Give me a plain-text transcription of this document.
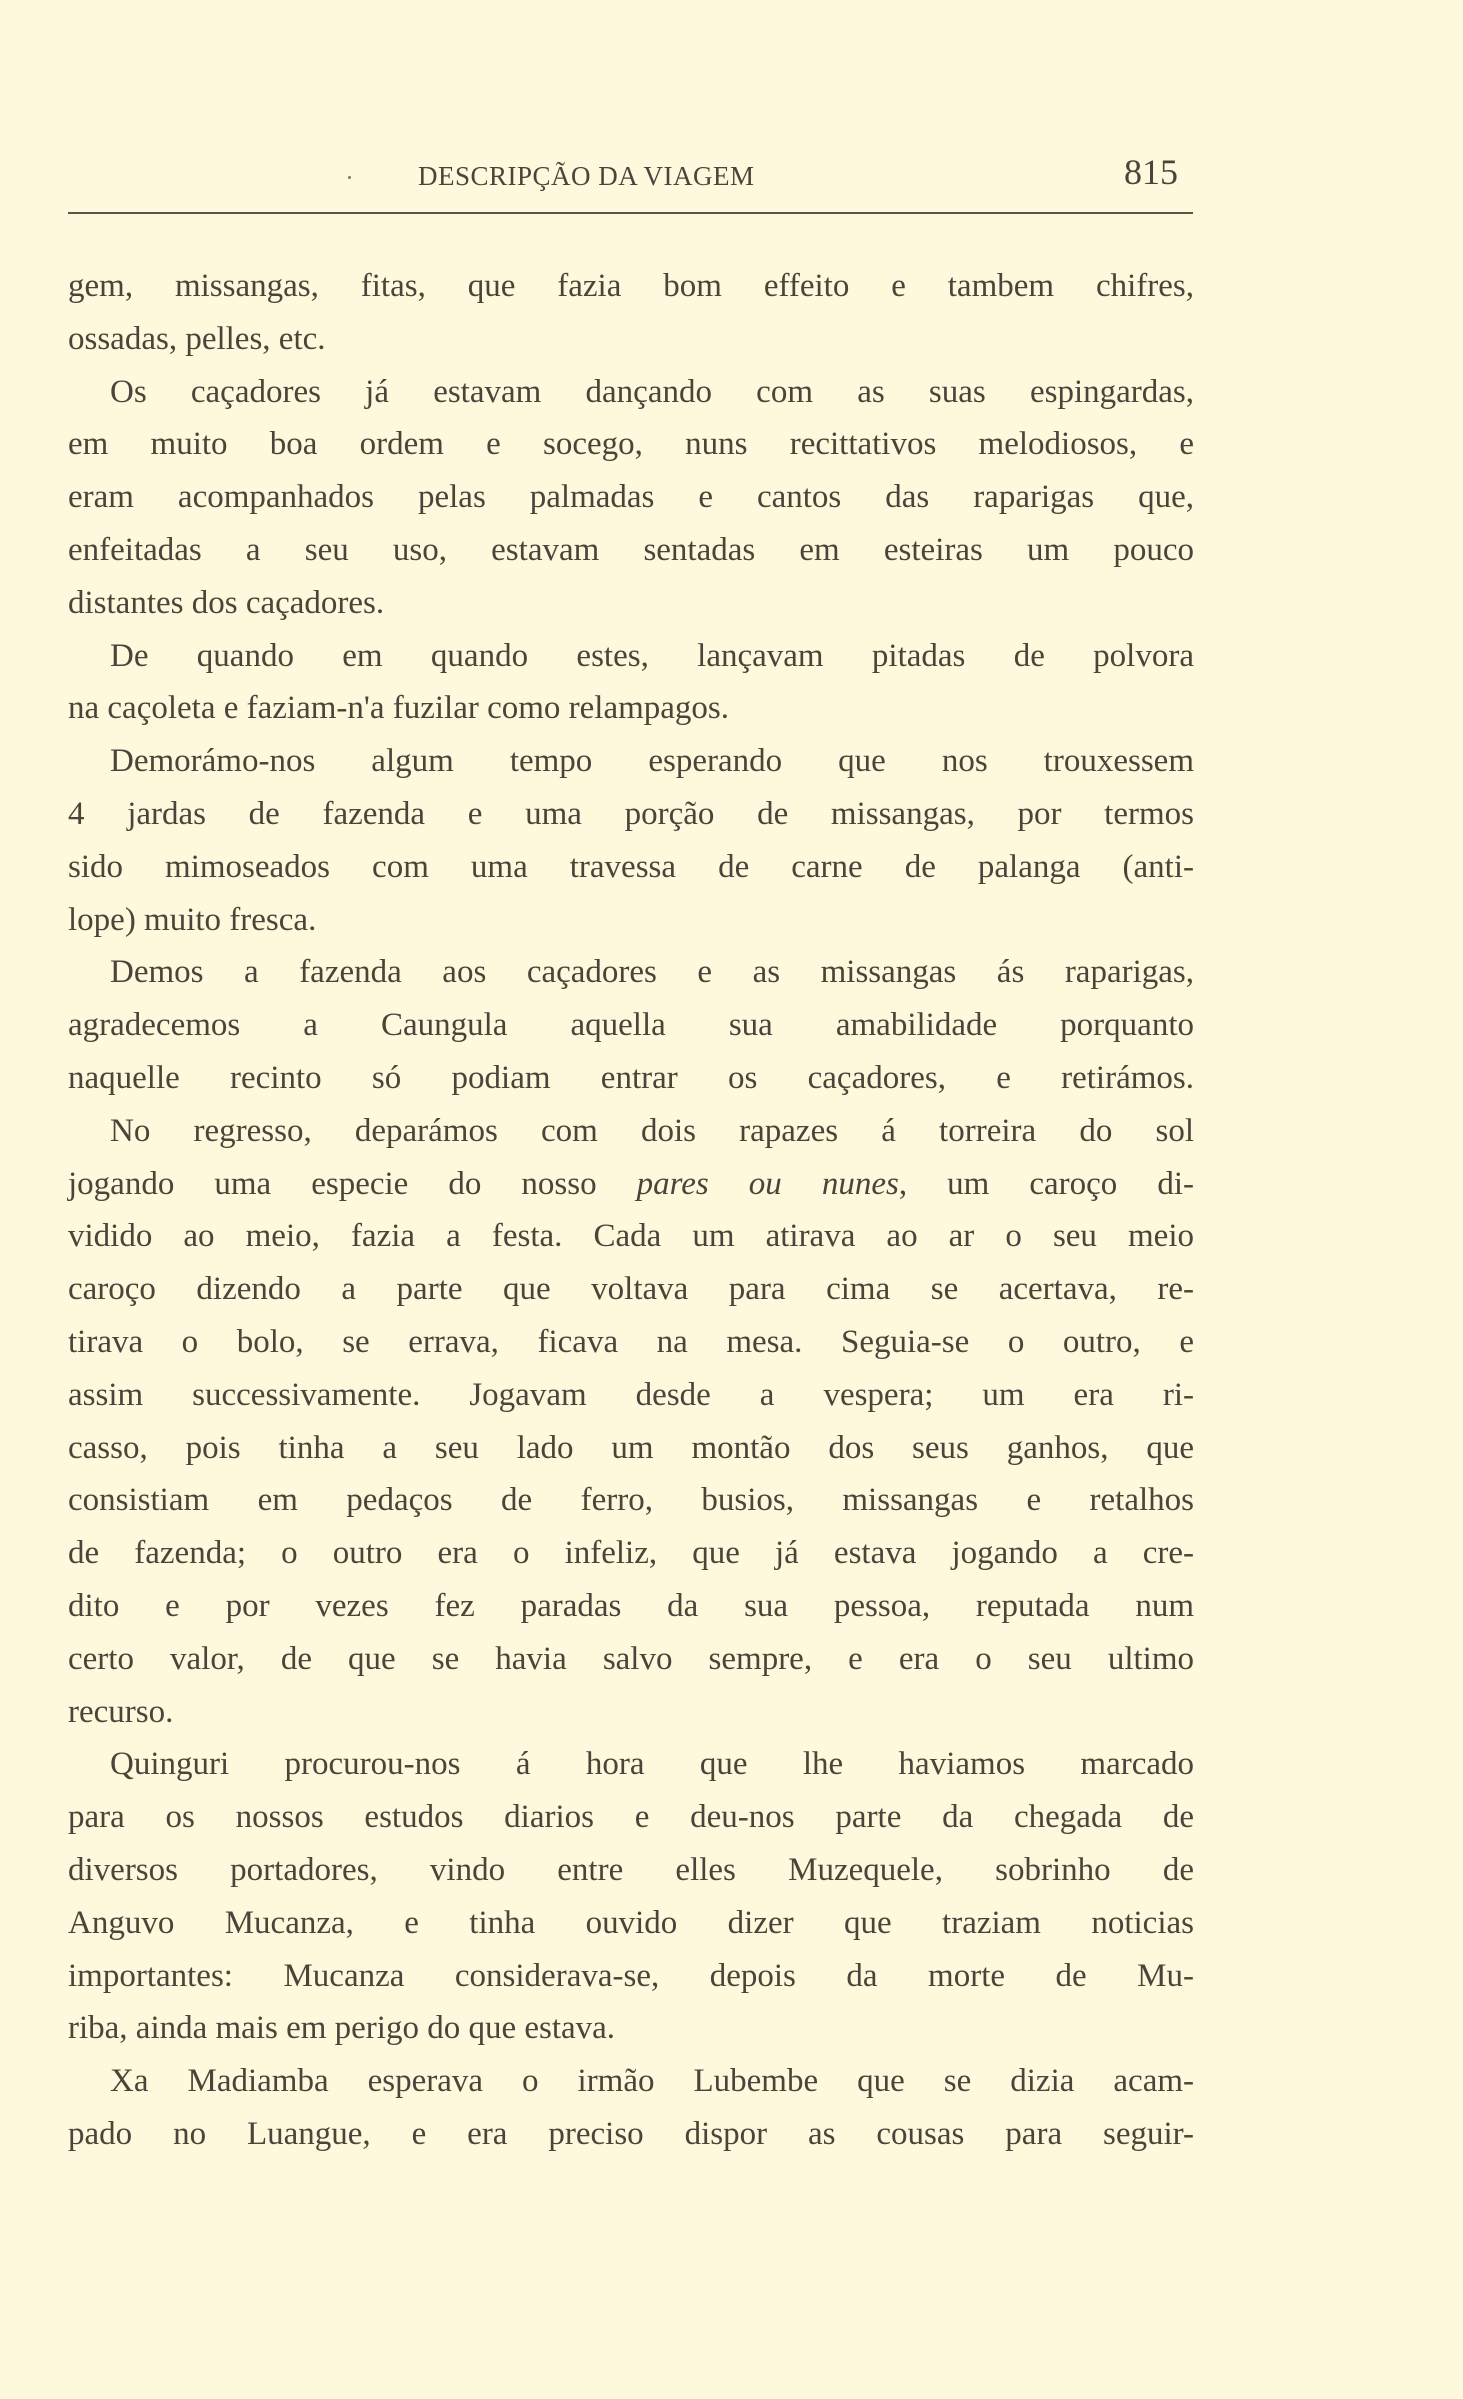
DESCRIPÇÃO DA VIAGEM	815
gem, missangas, fitas, que fazia bom effeito e tambem chifres,
ossadas, pelles, etc.
Os caçadores já estavam dançando com as suas espingardas,
em muito boa ordem e socego, nuns recittativos melodiosos, e
eram acompanhados pelas palmadas e cantos das raparigas que,
enfeitadas a seu uso, estavam sentadas em esteiras um pouco
distantes dos caçadores.
De quando em quando estes, lançavam pitadas de polvora
na caçoleta e faziam-n'a fuzilar como relampagos.
Demorámo-nos algum tempo esperando que nos trouxessem
4 jardas de fazenda e uma porção de missangas, por termos
sido mimoseados com uma travessa de carne de palanga (anti-
lope) muito fresca.
Demos a fazenda aos caçadores e as missangas ás raparigas,
agradecemos a Caungula aquella sua amabilidade porquanto
naquelle recinto só podiam entrar os caçadores, e retirámos.
No regresso, deparámos com dois rapazes á torreira do sol
jogando uma especie do nosso pares ou nunes, um caroço di-
vidido ao meio, fazia a festa. Cada um atirava ao ar o seu meio
caroço dizendo a parte que voltava para cima se acertava, re-
tirava o bolo, se errava, ficava na mesa. Seguia-se o outro, e
assim successivamente. Jogavam desde a vespera; um era ri-
casso, pois tinha a seu lado um montão dos seus ganhos, que
consistiam em pedaços de ferro, busios, missangas e retalhos
de fazenda; o outro era o infeliz, que já estava jogando a cre-
dito e por vezes fez paradas da sua pessoa, reputada num
certo valor, de que se havia salvo sempre, e era o seu ultimo
recurso.
Quinguri procurou-nos á hora que lhe haviamos marcado
para os nossos estudos diarios e deu-nos parte da chegada de
diversos portadores, vindo entre elles Muzequele, sobrinho de
Anguvo Mucanza, e tinha ouvido dizer que traziam noticias
importantes: Mucanza considerava-se, depois da morte de Mu-
riba, ainda mais em perigo do que estava.
Xa Madiamba esperava o irmão Lubembe que se dizia acam-
pado no Luangue, e era preciso dispor as cousas para seguir-
